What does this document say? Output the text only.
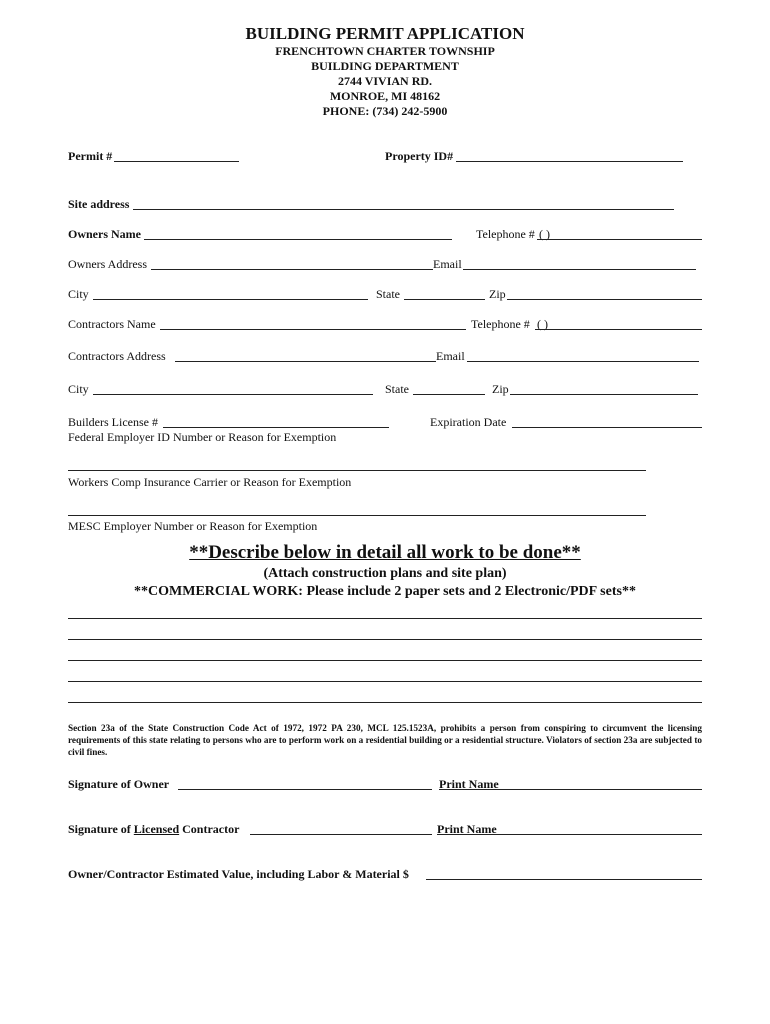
BUILDING PERMIT APPLICATION
FRENCHTOWN CHARTER TOWNSHIP
BUILDING DEPARTMENT
2744 VIVIAN RD.
MONROE, MI 48162
PHONE: (734) 242-5900
Permit #	Property ID#
Site address
Owners Name	Telephone # ( )
Owners Address	Email
City	State	Zip
Contractors Name	Telephone # ( )
Contractors Address	Email
City	State	Zip
Builders License #	Expiration Date
Federal Employer ID Number or Reason for Exemption
Workers Comp Insurance Carrier or Reason for Exemption
MESC Employer Number or Reason for Exemption
**Describe below in detail all work to be done**
(Attach construction plans and site plan)
**COMMERCIAL WORK: Please include 2 paper sets and 2 Electronic/PDF sets**
Section 23a of the State Construction Code Act of 1972, 1972 PA 230, MCL 125.1523A, prohibits a person from conspiring to circumvent the licensing requirements of this state relating to persons who are to perform work on a residential building or a residential structure. Violators of section 23a are subjected to civil fines.
Signature of Owner	Print Name
Signature of Licensed Contractor	Print Name
Owner/Contractor Estimated Value, including Labor & Material $
